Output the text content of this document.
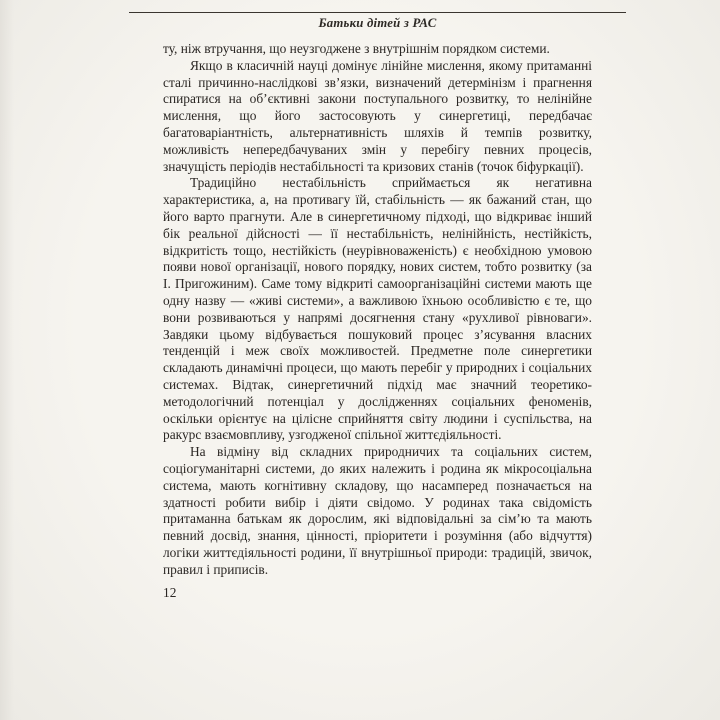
Батьки дітей з РАС

ту, ніж втручання, що неузгоджене з внутрішнім порядком системи.

Якщо в класичній науці домінує лінійне мислення, якому притаманні сталі причинно-наслідкові зв’язки, визначений детермінізм і прагнення спиратися на об’єктивні закони поступального розвитку, то нелінійне мислення, що його застосовують у синергетиці, передбачає багатоваріантність, альтернативність шляхів й темпів розвитку, можливість непередбачуваних змін у перебігу певних процесів, значущість періодів нестабільності та кризових станів (точок біфуркації).

Традиційно нестабільність сприймається як негативна характеристика, а, на противагу їй, стабільність — як бажаний стан, що його варто прагнути. Але в синергетичному підході, що відкриває інший бік реальної дійсності — її нестабільність, нелінійність, нестійкість, відкритість тощо, нестійкість (неурівноваженість) є необхідною умовою появи нової організації, нового порядку, нових систем, тобто розвитку (за І. Пригожиним). Саме тому відкриті самоорганізаційні системи мають ще одну назву — «живі системи», а важливою їхньою особливістю є те, що вони розвиваються у напрямі досягнення стану «рухливої рівноваги». Завдяки цьому відбувається пошуковий процес з’ясування власних тенденцій і меж своїх можливостей. Предметне поле синергетики складають динамічні процеси, що мають перебіг у природних і соціальних системах. Відтак, синергетичний підхід має значний теоретико-методологічний потенціал у дослідженнях соціальних феноменів, оскільки орієнтує на цілісне сприйняття світу людини і суспільства, на ракурс взаємовпливу, узгодженої спільної життєдіяльності.

На відміну від складних природничих та соціальних систем, соціогуманітарні системи, до яких належить і родина як мікросоціальна система, мають когнітивну складову, що насамперед позначається на здатності робити вибір і діяти свідомо. У родинах така свідомість притаманна батькам як дорослим, які відповідальні за сім’ю та мають певний досвід, знання, цінності, пріоритети і розуміння (або відчуття) логіки життєдіяльності родини, її внутрішньої природи: традицій, звичок, правил і приписів.

12
